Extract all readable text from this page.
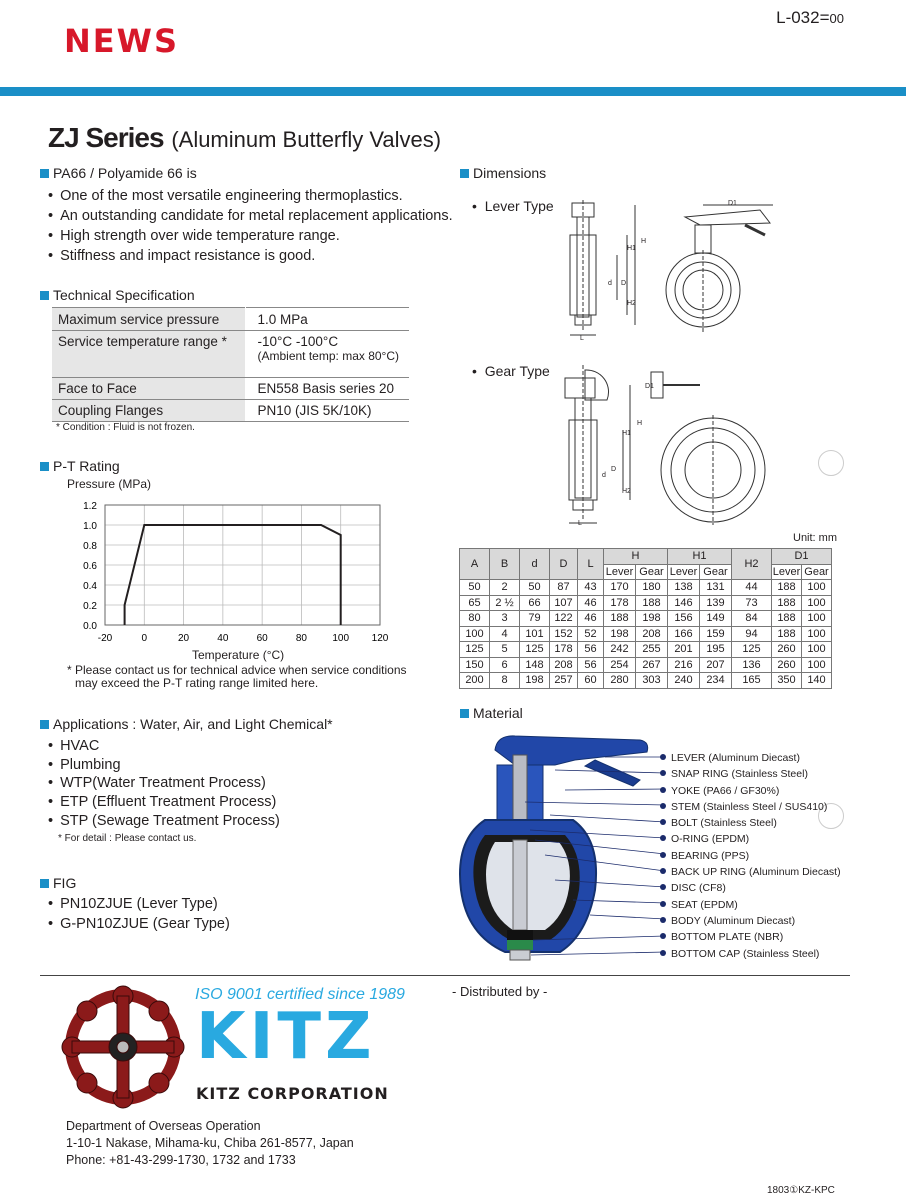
NEWS
L-032=00
ZJ Series (Aluminum Butterfly Valves)
PA66 / Polyamide 66 is
• One of the most versatile engineering thermoplastics.
• An outstanding candidate for metal replacement applications.
• High strength over wide temperature range.
• Stiffness and impact resistance is good.
Technical Specification
Maximum service pressure	1.0 MPa
Service temperature range *	-10°C -100°C
(Ambient temp: max 80°C)

Face to Face	EN558 Basis series 20
Coupling Flanges	PN10 (JIS 5K/10K)
* Condition : Fluid is not frozen.
P-T Rating
Pressure (MPa)
-20	0	20	40	60	80	100 120
0.0
0.2
0.4
0.6
0.8
1.0
1.2
Temperature (°C)
* Please contact us for technical advice when service conditions
may exceed the P-T rating range limited here.
Applications : Water, Air, and Light Chemical*
• HVAC
• Plumbing
• WTP(Water Treatment Process)
• ETP (Effluent Treatment Process)
• STP (Sewage Treatment Process)
* For detail : Please contact us.
FIG
• PN10ZJUE (Lever Type)
• G-PN10ZJUE (Gear Type)
Dimensions
•  Lever Type
•  Gear Type
D1
H
H1
H2
d D
L
D1
H
H1
H2
d
D
L
Unit: mm
A	B	d	D	L	H		H1		H2	D1	
					Lever	Gear	Lever	Gear		Lever	Gear
50	2	50	87	43	170	180	138	131	44	188	100
65	2 ½	66	107	46	178	188	146	139	73	188	100
80	3	79	122	46	188	198	156	149	84	188	100
100	4	101	152	52	198	208	166	159	94	188	100
125	5	125	178	56	242	255	201	195	125	260	100
150	6	148	208	56	254	267	216	207	136	260	100
200	8	198	257	60	280	303	240	234	165	350	140
Material
LEVER (Aluminum Diecast)
SNAP RING (Stainless Steel)
YOKE (PA66 / GF30%)
STEM (Stainless Steel / SUS410)
BOLT (Stainless Steel)
O-RING (EPDM)
BEARING (PPS)
BACK UP RING (Aluminum Diecast)
DISC (CF8)
SEAT (EPDM)
BODY (Aluminum Diecast)
BOTTOM PLATE (NBR)
BOTTOM CAP (Stainless Steel)
ISO 9001 certified since 1989
KITZ
KITZ CORPORATION
- Distributed by -
Department of Overseas Operation
1-10-1 Nakase, Mihama-ku, Chiba 261-8577, Japan
Phone: +81-43-299-1730, 1732 and 1733
1803①KZ-KPC
